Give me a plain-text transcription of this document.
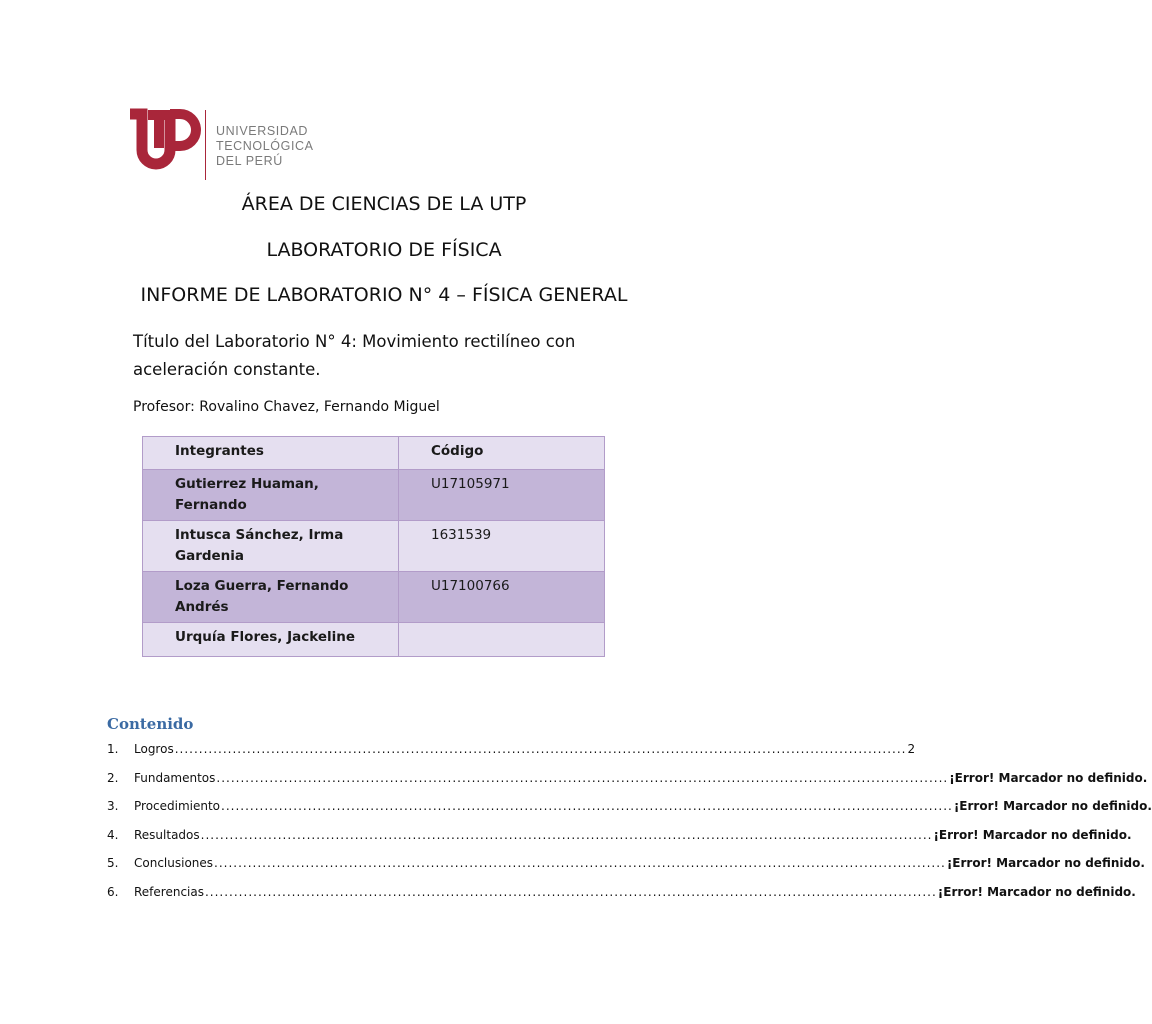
UNIVERSIDAD
TECNOLÓGICA
DEL PERÚ
ÁREA DE CIENCIAS DE LA UTP
LABORATORIO DE FÍSICA
INFORME DE LABORATORIO N° 4 – FÍSICA GENERAL
Título del Laboratorio N° 4: Movimiento rectilíneo con aceleración constante.
Profesor: Rovalino Chavez, Fernando Miguel
Integrantes	Código
Gutierrez Huaman, Fernando	U17105971
Intusca Sánchez, Irma Gardenia	1631539
Loza Guerra, Fernando Andrés	U17100766
Urquía Flores, Jackeline	
Contenido
1.	Logros ........................................................................................................................................................ 2
2.	Fundamentos ........................................................................................................................................................ ¡Error! Marcador no definido.
3.	Procedimiento ........................................................................................................................................................ ¡Error! Marcador no definido.
4.	Resultados ........................................................................................................................................................ ¡Error! Marcador no definido.
5.	Conclusiones ........................................................................................................................................................ ¡Error! Marcador no definido.
6.	Referencias ........................................................................................................................................................ ¡Error! Marcador no definido.
